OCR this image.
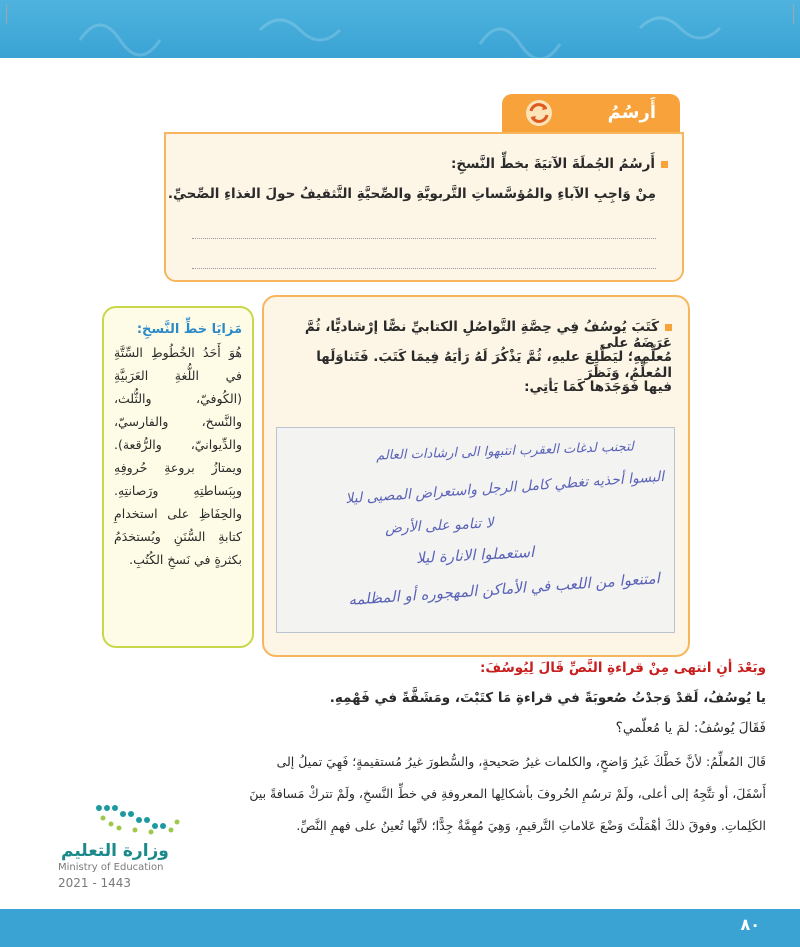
أَرسُمُ
أَرسُمُ الجُملَةَ الآتيَةَ بخطِّ النَّسخِ:
مِنْ وَاجِبِ الآباءِ والمُؤسَّساتِ التَّربويَّةِ والصِّحيَّةِ التَّثقيفُ حولَ الغذاءِ الصِّحيِّ.
مَزايَا خطِّ النَّسخِ:
هُوَ أَحَدُ الخُطُوطِ السِّتَّةِ في اللُّغةِ العَرَبيَّةِ (الكُوفيّ، والثُّلث، والنَّسخ، والفارسيّ، والدِّيوانيّ، والرُّقعة). ويمتازُ بروعةِ حُروفِهِ وبِبَساطتِهِ ورَصانتِهِ. والحِفَاظِ على استخدامِ كتابةِ السُّنَنِ ويُستخدَمُ بكثرةٍ في نَسخِ الكُتُبِ.
كَتَبَ يُوسُفُ فِي حِصَّةِ التَّواصُلِ الكتابيِّ نصًّا إرْشاديًّا، ثُمَّ عَرَضَهُ على
مُعلِّمِهِ؛ ليَطَّلِعَ عليهِ، ثُمَّ يَذْكُرَ لَهُ رَأيَهُ فِيمَا كَتَبَ. فَتَناوَلَها المُعلِّمُ، وَنَظَرَ
فيها فَوَجَدَها كَمَا يَأتِي:
لتجنب لدغات العقرب انتبهوا الى ارشادات العالم
البسوا أحذيه تغطي كامل الرجل واستعراض المصيى ليلا
لا تنامو على الأرض
استعملوا الانارة ليلا
امتنعوا من اللعب في الأماكن المهجوره أو المظلمه
وبَعْدَ أنِ انتهى مِنْ قراءةِ النَّصِّ قَالَ لِيُوسُفَ:
يا يُوسُفُ، لَقدْ وَجدْتُ صُعوبَةً في قراءةِ مَا كتَبْتَ، ومَشَقَّةً في فَهْمِهِ.
فَقَالَ يُوسُفُ: لمَ يا مُعلّمي؟
قَالَ المُعلِّمُ: لأنَّ خَطَّكَ غَيرُ وَاضحٍ، والكلمات غيرُ صَحيحةٍ، والسُّطورَ غيرُ مُستقيمةٍ؛ فَهِيَ تميلُ إلى
أَسْفَلَ، أو تتَّجِهُ إلى أعلى، ولَمْ ترسُمِ الحُروفَ بأشكالِها المعروفةِ في خطِّ النَّسخِ، ولَمْ تتركْ مَسافةً بينَ
الكَلِماتِ. وفوقَ ذلكَ أهْمَلْتَ وَضْعَ عَلاماتِ التَّرقيمِ، وَهِيَ مُهِمَّةٌ جِدًّا؛ لأنَّها تُعينُ على فهمِ النَّصِّ.
وزارة التعليم
Ministry of Education
2021 - 1443
٨٠
